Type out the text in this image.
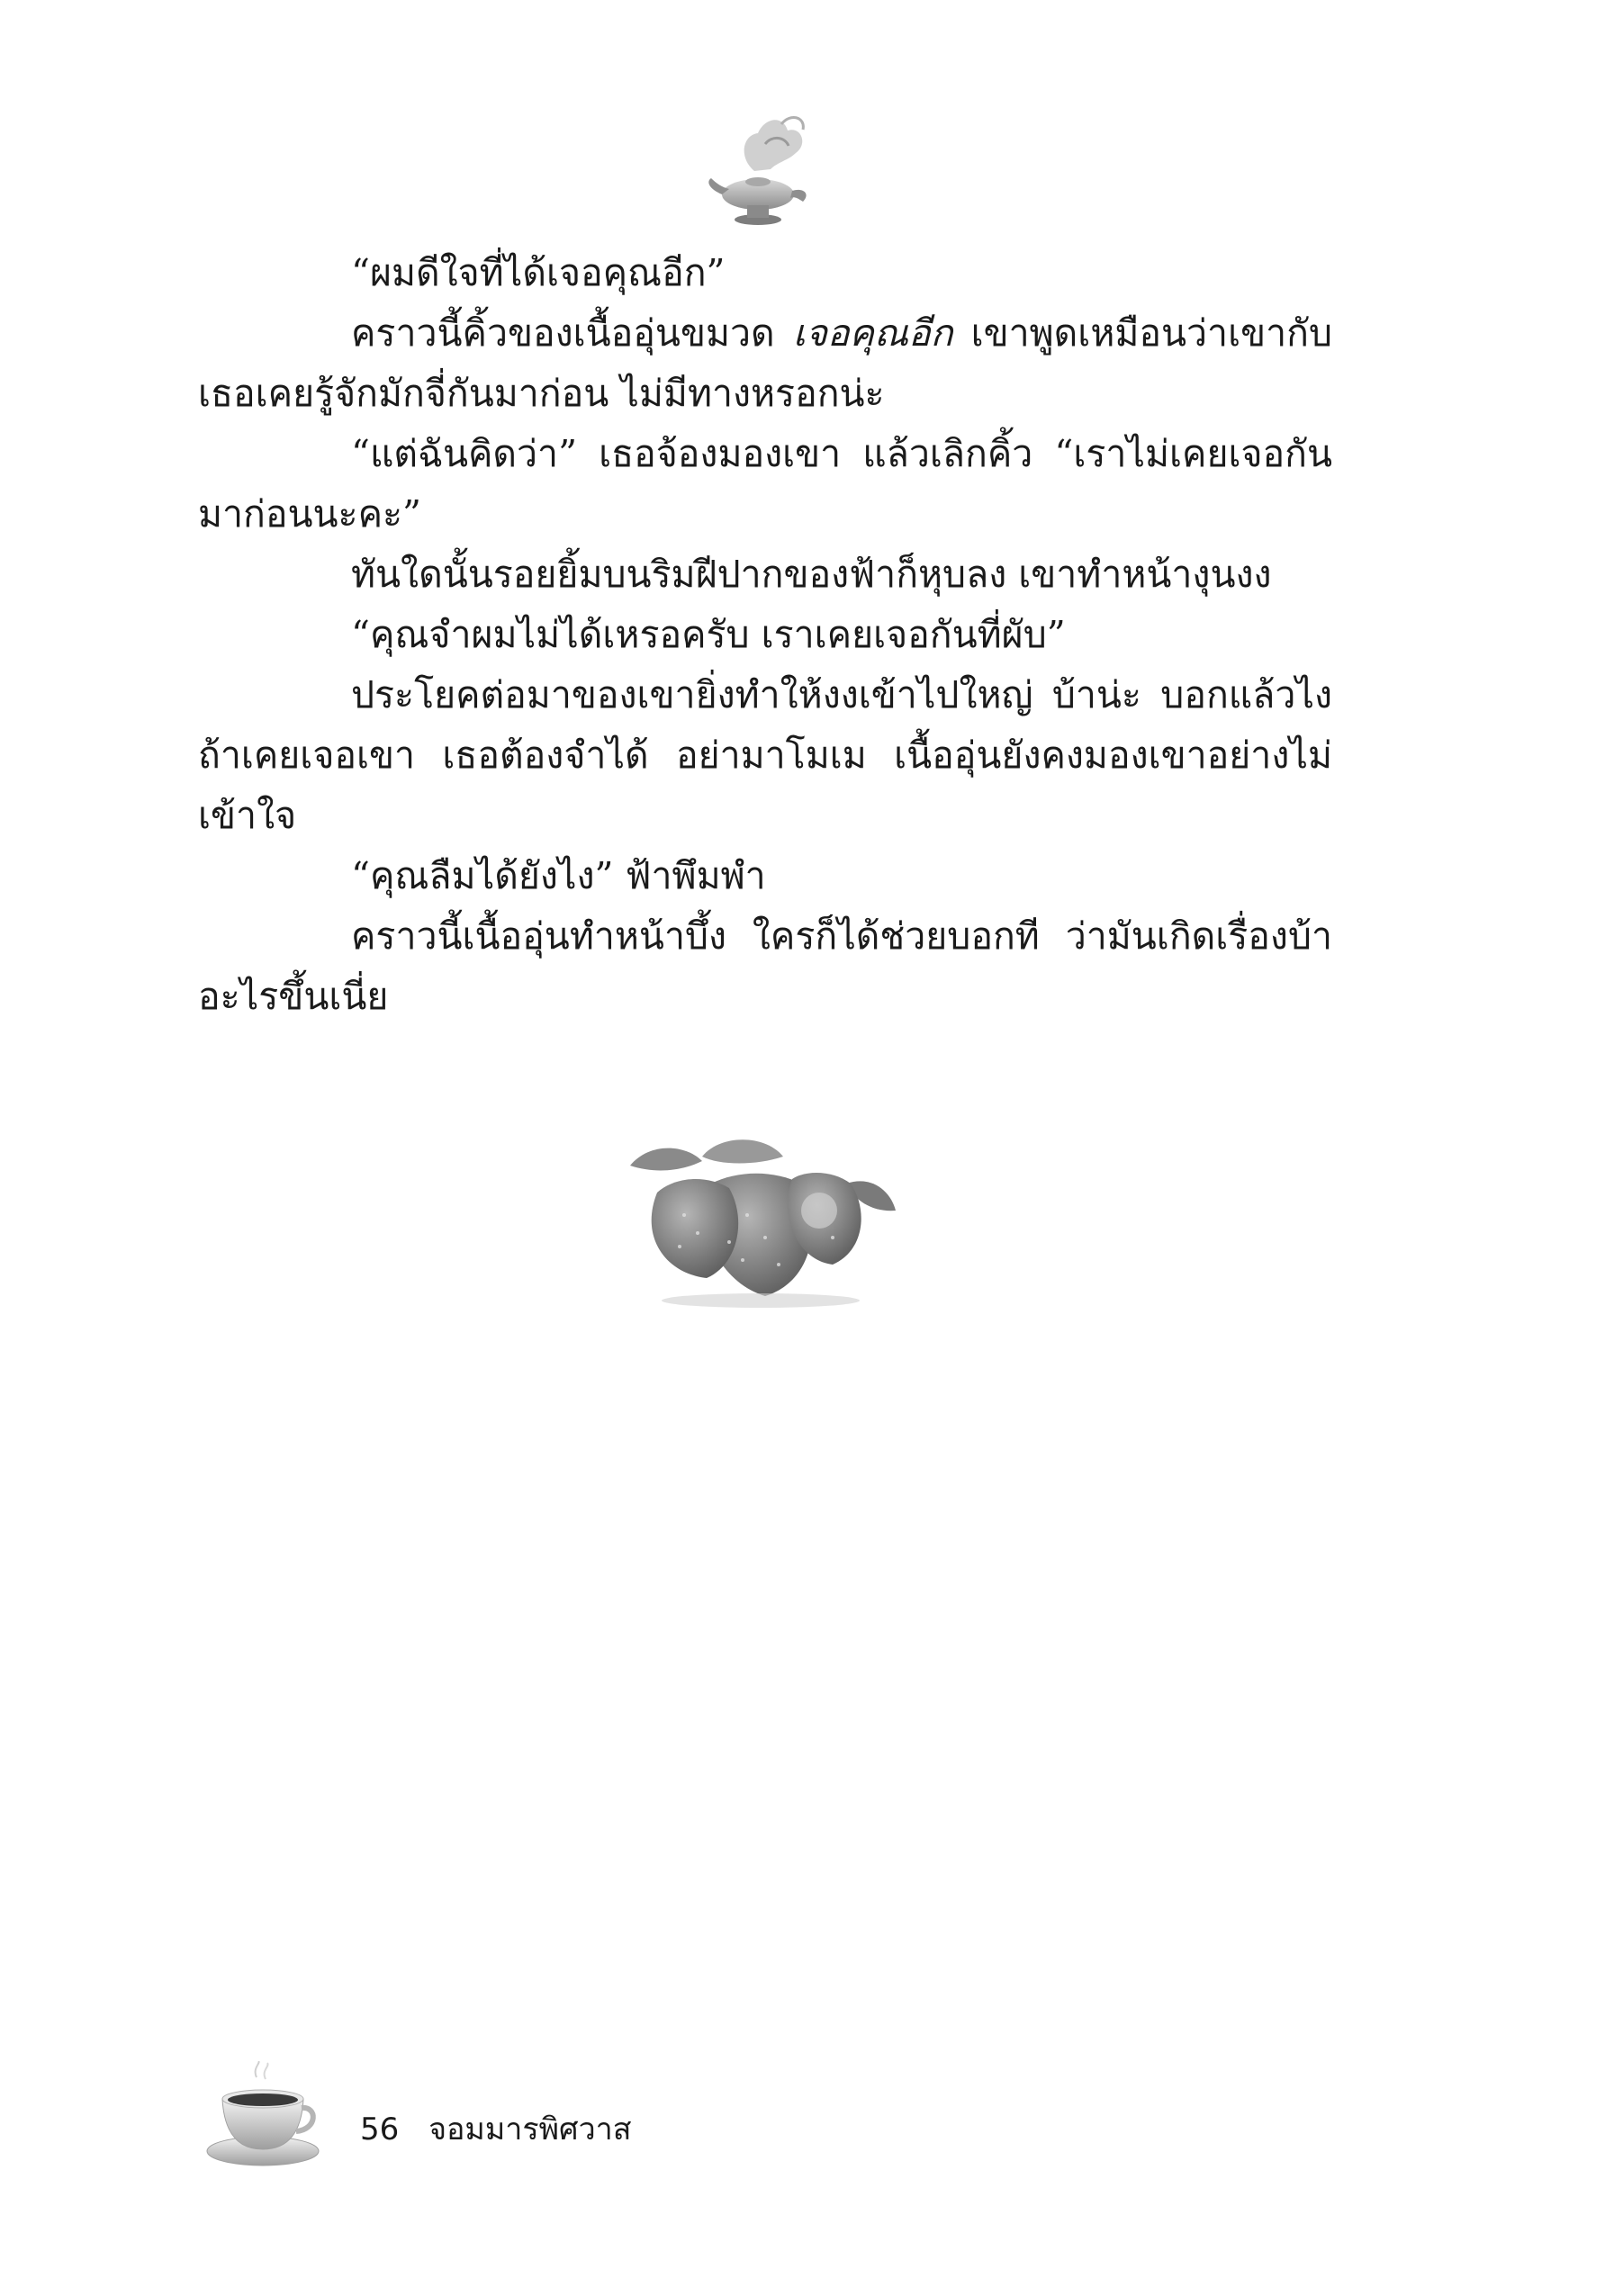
“ผมดีใจที่ได้เจอคุณอีก”

คราวนี้คิ้วของเนื้ออุ่นขมวด เจอคุณอีก เขาพูดเหมือนว่าเขากับเธอเคยรู้จักมักจี่กันมาก่อน ไม่มีทางหรอกน่ะ

“แต่ฉันคิดว่า” เธอจ้องมองเขา แล้วเลิกคิ้ว “เราไม่เคยเจอกันมาก่อนนะคะ”

ทันใดนั้นรอยยิ้มบนริมฝีปากของฟ้าก็หุบลง เขาทำหน้างุนงง

“คุณจำผมไม่ได้เหรอครับ เราเคยเจอกันที่ผับ”

ประโยคต่อมาของเขายิ่งทำให้งงเข้าไปใหญ่ บ้าน่ะ บอกแล้วไง ถ้าเคยเจอเขา เธอต้องจำได้ อย่ามาโมเม เนื้ออุ่นยังคงมองเขาอย่างไม่เข้าใจ

“คุณลืมได้ยังไง” ฟ้าพึมพำ

คราวนี้เนื้ออุ่นทำหน้าบึ้ง ใครก็ได้ช่วยบอกที ว่ามันเกิดเรื่องบ้าอะไรขึ้นเนี่ย

56 จอมมารพิศวาส
